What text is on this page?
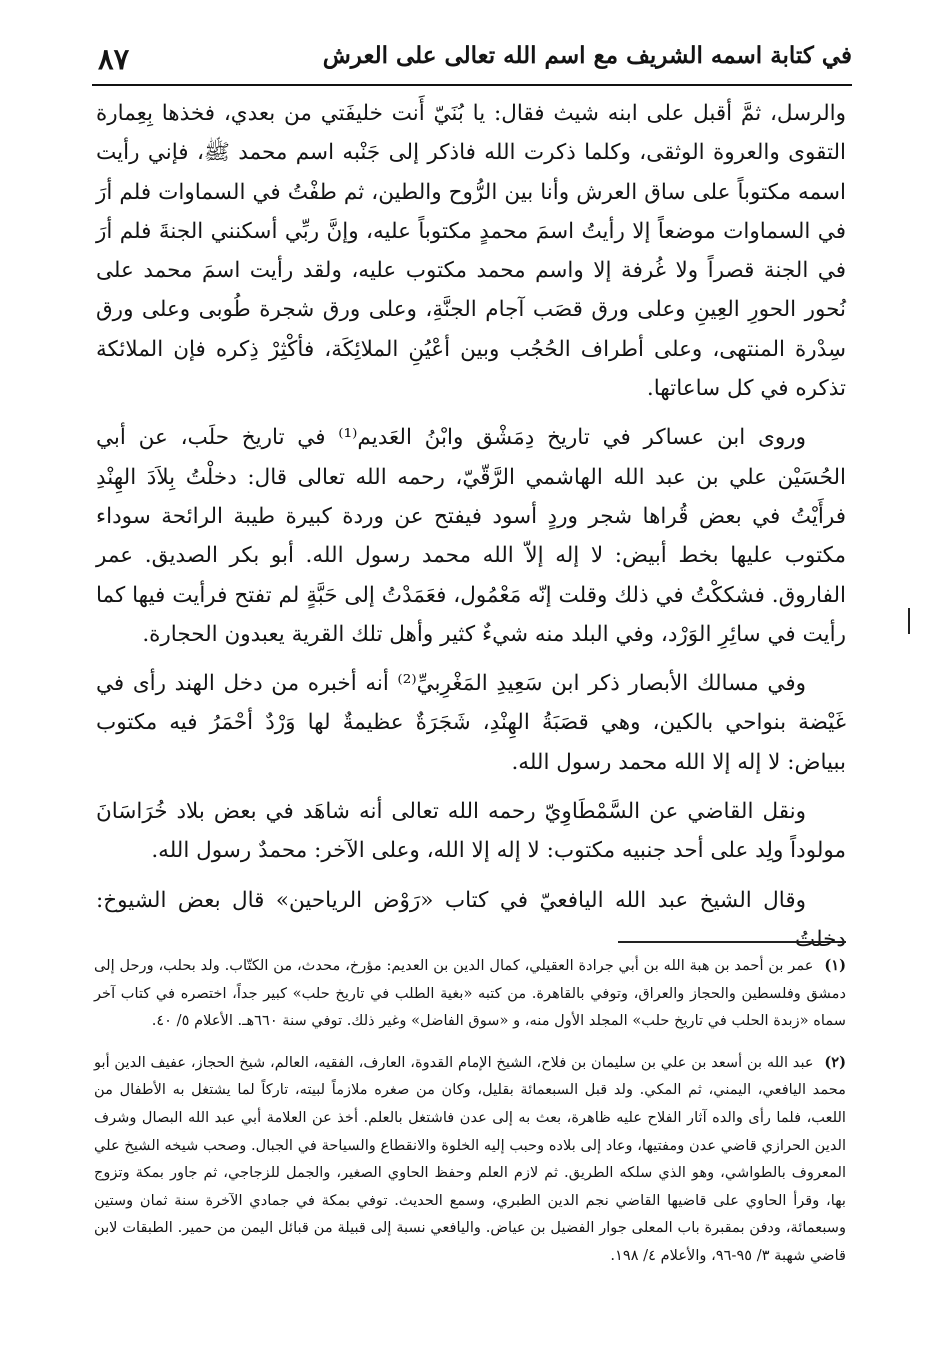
٨٧	في كتابة اسمه الشريف مع اسم الله تعالى على العرش

والرسل، ثمَّ أقبل على ابنه شيث فقال: يا بُنَيّ أَنت خليفَتي من بعدي، فخذها بِعِمارة التقوى والعروة الوثقى، وكلما ذكرت الله فاذكر إلى جَنْبه اسم محمد ﷺ، فإني رأيت اسمه مكتوباً على ساق العرش وأنا بين الرُّوح والطين، ثم طفْتُ في السماوات فلم أرَ في السماوات موضعاً إلا رأيتُ اسمَ محمدٍ مكتوباً عليه، وإنَّ ربِّي أسكنني الجنةَ فلم أرَ في الجنة قصراً ولا غُرفة إلا واسم محمد مكتوب عليه، ولقد رأيت اسمَ محمد على نُحور الحورِ العِينِ وعلى ورق قصَب آجام الجنَّةِ، وعلى ورق شجرة طُوبى وعلى ورق سِدْرة المنتهى، وعلى أطراف الحُجُب وبين أعْيُنِ الملائِكَة، فأكْثِرْ ذِكره فإن الملائكة تذكره في كل ساعاتها.

وروى ابن عساكر في تاريخ دِمَشْق وابْنُ العَديم⁽¹⁾ في تاريخ حلَب، عن أبي الحُسَيْن علي بن عبد الله الهاشمي الرَّقّيّ، رحمه الله تعالى قال: دخلْتُ بِلاَدَ الهِنْدِ فرأَيْتُ في بعض قُراها شجر وردٍ أسود فيفتح عن وردة كبيرة طيبة الرائحة سوداء مكتوب عليها بخط أبيض: لا إله إلاّ الله محمد رسول الله. أبو بكر الصديق. عمر الفاروق. فشككْتُ في ذلك وقلت إنّه مَعْمُول، فعَمَدْتُ إلى حَبَّةٍ لم تفتح فرأيت فيها كما رأيت في سائِرِ الوَرْد، وفي البلد منه شيءٌ كثير وأهل تلك القرية يعبدون الحجارة.

وفي مسالك الأبصار ذكر ابن سَعِيدِ المَغْرِبيِّ⁽²⁾ أنه أخبره من دخل الهند رأى في غَيْضة بنواحي بالكين، وهي قصَبَةُ الهِنْدِ، شَجَرَةٌ عظيمةٌ لها وَرْدٌ أحْمَرُ فيه مكتوب ببياض: لا إله إلا الله محمد رسول الله.

ونقل القاضي عن السَّمْطَاوِيّ رحمه الله تعالى أنه شاهَد في بعض بلاد خُرَاسَانَ مولوداً ولِد على أحد جنبيه مكتوب: لا إله إلا الله، وعلى الآخر: محمدٌ رسول الله.

وقال الشيخ عبد الله اليافعيّ في كتاب «رَوْض الرياحين» قال بعض الشيوخ: دخلتُ

(١) عمر بن أحمد بن هبة الله بن أبي جرادة العقيلي، كمال الدين بن العديم: مؤرخ، محدث، من الكتّاب. ولد بحلب، ورحل إلى دمشق وفلسطين والحجاز والعراق، وتوفي بالقاهرة. من كتبه «بغية الطلب في تاريخ حلب» كبير جداً، اختصره في كتاب آخر سماه «زبدة الحلب في تاريخ حلب» المجلد الأول منه، و «سوق الفاضل» وغير ذلك. توفي سنة ٦٦٠هـ. الأعلام ٥/ ٤٠.

(٢) عبد الله بن أسعد بن علي بن سليمان بن فلاح، الشيخ الإمام القدوة، العارف، الفقيه، العالم، شيخ الحجاز، عفيف الدين أبو محمد اليافعي، اليمني، ثم المكي. ولد قبل السبعمائة بقليل، وكان من صغره ملازماً لبيته، تاركاً لما يشتغل به الأطفال من اللعب، فلما رأى والده آثار الفلاح عليه ظاهرة، بعث به إلى عدن فاشتغل بالعلم. أخذ عن العلامة أبي عبد الله البصال وشرف الدين الحرازي قاضي عدن ومفتيها، وعاد إلى بلاده وحبب إليه الخلوة والانقطاع والسياحة في الجبال. وصحب شيخه الشيخ علي المعروف بالطواشي، وهو الذي سلكه الطريق. ثم لازم العلم وحفظ الحاوي الصغير، والجمل للزجاجي، ثم جاور بمكة وتزوج بها، وقرأ الحاوي على قاضيها القاضي نجم الدين الطبري، وسمع الحديث. توفي بمكة في جمادي الآخرة سنة ثمان وستين وسبعمائة، ودفن بمقبرة باب المعلى جوار الفضيل بن عياض. واليافعي نسبة إلى قبيلة من قبائل اليمن من حمير. الطبقات لابن قاضي شهبة ٣/ ٩٥-٩٦، والأعلام ٤/ ١٩٨.
